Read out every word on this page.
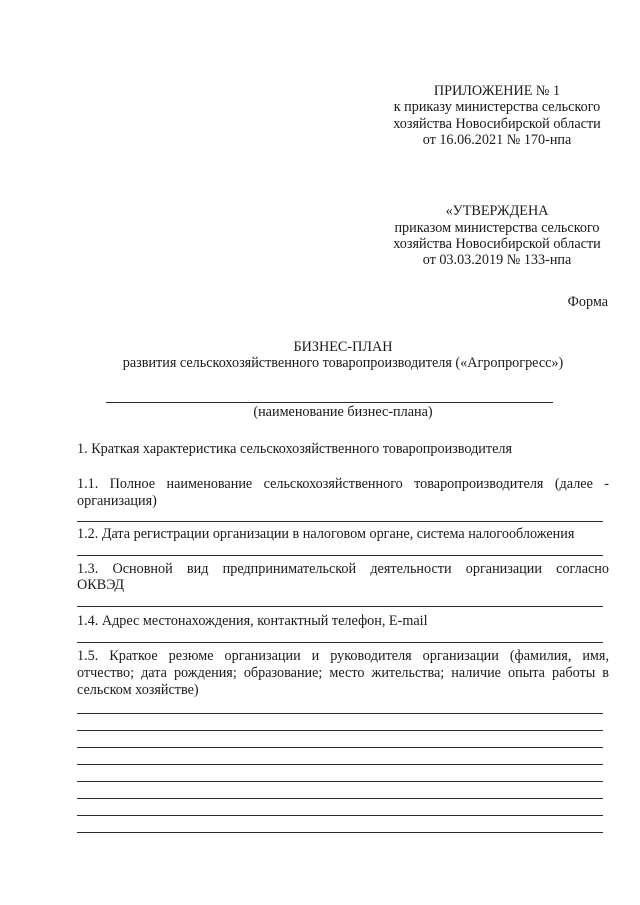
ПРИЛОЖЕНИЕ № 1
к приказу министерства сельского
хозяйства Новосибирской области
от 16.06.2021 № 170-нпа
«УТВЕРЖДЕНА
приказом министерства сельского
хозяйства Новосибирской области
от 03.03.2019 № 133-нпа
Форма
БИЗНЕС-ПЛАН
развития сельскохозяйственного товаропроизводителя («Агропрогресс»)
(наименование бизнес-плана)
1. Краткая характеристика сельскохозяйственного товаропроизводителя
1.1. Полное наименование сельскохозяйственного товаропроизводителя (далее -
организация)
1.2. Дата регистрации организации в налоговом органе, система налогообложения
1.3. Основной вид предпринимательской деятельности организации согласно
ОКВЭД
1.4. Адрес местонахождения, контактный телефон, E-mail
1.5. Краткое резюме организации и руководителя организации (фамилия, имя,
отчество; дата рождения; образование; место жительства; наличие опыта работы в
сельском хозяйстве)
